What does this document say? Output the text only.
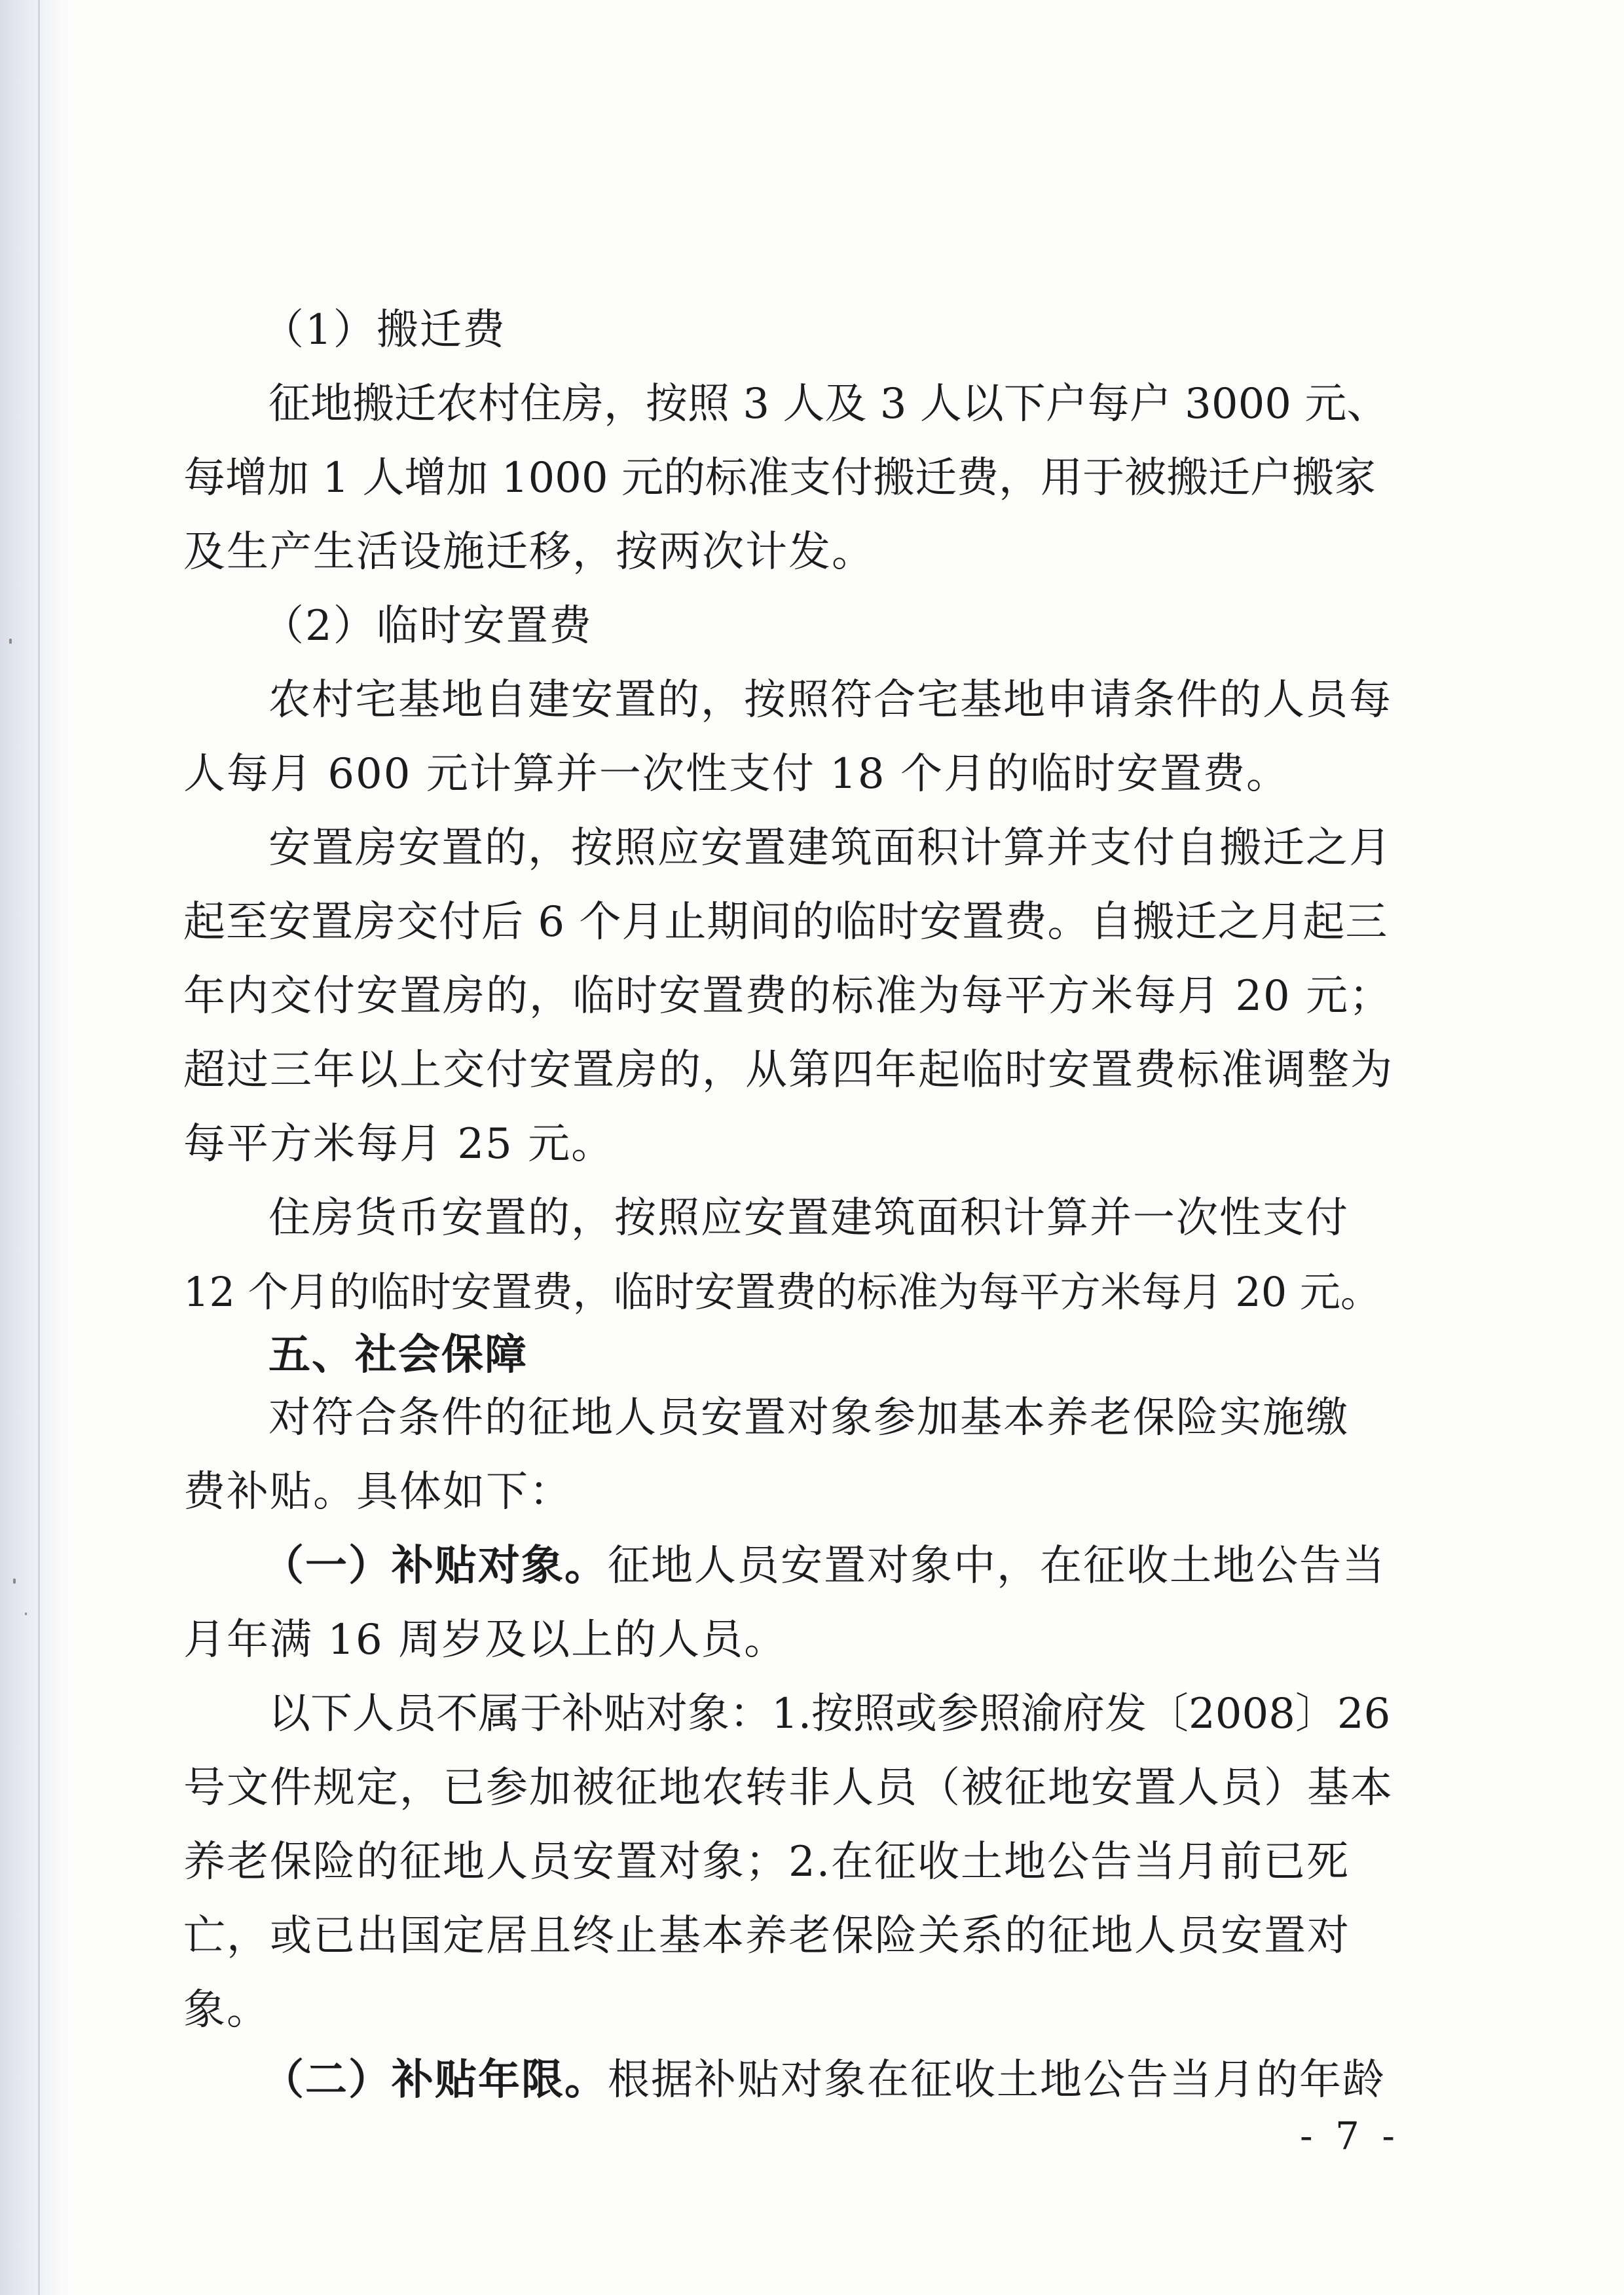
（1）搬迁费
征地搬迁农村住房，按照 3 人及 3 人以下户每户 3000 元、
每增加 1 人增加 1000 元的标准支付搬迁费，用于被搬迁户搬家
及生产生活设施迁移，按两次计发。
（2）临时安置费
农村宅基地自建安置的，按照符合宅基地申请条件的人员每
人每月 600 元计算并一次性支付 18 个月的临时安置费。
安置房安置的，按照应安置建筑面积计算并支付自搬迁之月
起至安置房交付后 6 个月止期间的临时安置费。自搬迁之月起三
年内交付安置房的，临时安置费的标准为每平方米每月 20 元；
超过三年以上交付安置房的，从第四年起临时安置费标准调整为
每平方米每月 25 元。
住房货币安置的，按照应安置建筑面积计算并一次性支付
12 个月的临时安置费，临时安置费的标准为每平方米每月 20 元。
五、社会保障
对符合条件的征地人员安置对象参加基本养老保险实施缴
费补贴。具体如下：
（一）补贴对象。征地人员安置对象中，在征收土地公告当
月年满 16 周岁及以上的人员。
以下人员不属于补贴对象：1.按照或参照渝府发〔2008〕26
号文件规定，已参加被征地农转非人员（被征地安置人员）基本
养老保险的征地人员安置对象；2.在征收土地公告当月前已死
亡，或已出国定居且终止基本养老保险关系的征地人员安置对
象。
（二）补贴年限。根据补贴对象在征收土地公告当月的年龄
- 7 -
